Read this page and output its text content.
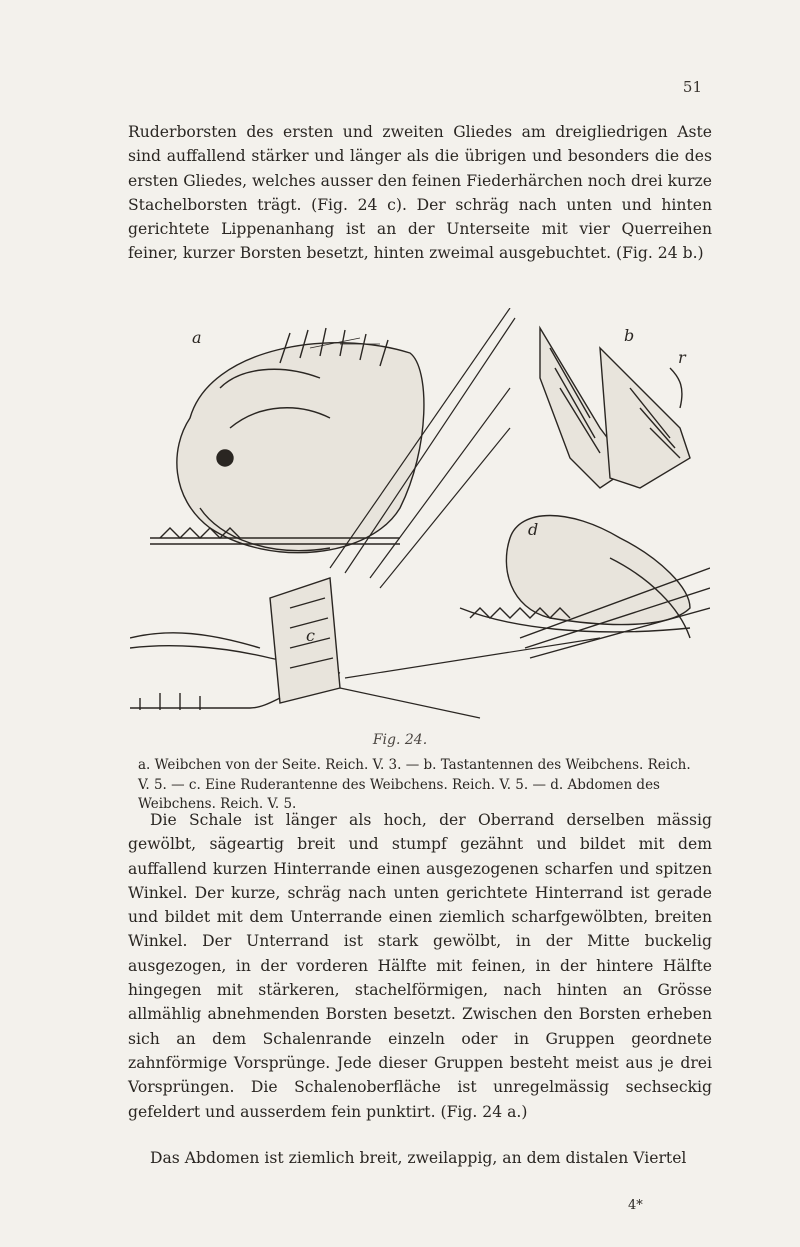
51

Ruderborsten des ersten und zweiten Gliedes am dreigliedrigen Aste sind auffallend stärker und länger als die übrigen und besonders die des ersten Gliedes, welches ausser den feinen Fiederhärchen noch drei kurze Stachelborsten trägt. (Fig. 24 c). Der schräg nach unten und hinten gerichtete Lippenanhang ist an der Unterseite mit vier Querreihen feiner, kurzer Borsten besetzt, hinten zweimal ausgebuchtet. (Fig. 24 b.)

a	b
r
c
d
Fig. 24.
a. Weibchen von der Seite. Reich. V. 3. — b. Tastantennen des Weibchens. Reich. V. 5. — c. Eine Ruderantenne des Weibchens. Reich. V. 5. — d. Abdomen des Weibchens. Reich. V. 5.

Die Schale ist länger als hoch, der Oberrand derselben mässig gewölbt, sägeartig breit und stumpf gezähnt und bildet mit dem auffallend kurzen Hinterrande einen ausgezogenen scharfen und spitzen Winkel. Der kurze, schräg nach unten gerichtete Hinterrand ist gerade und bildet mit dem Unterrande einen ziemlich scharfgewölbten, breiten Winkel. Der Unterrand ist stark gewölbt, in der Mitte buckelig ausgezogen, in der vorderen Hälfte mit feinen, in der hintere Hälfte hingegen mit stärkeren, stachelförmigen, nach hinten an Grösse allmählig abnehmenden Borsten besetzt. Zwischen den Borsten erheben sich an dem Schalenrande einzeln oder in Gruppen geordnete zahnförmige Vorsprünge. Jede dieser Gruppen besteht meist aus je drei Vorsprüngen. Die Schalenoberfläche ist unregelmässig sechseckig gefeldert und ausserdem fein punktirt. (Fig. 24 a.)

Das Abdomen ist ziemlich breit, zweilappig, an dem distalen Viertel

4*
